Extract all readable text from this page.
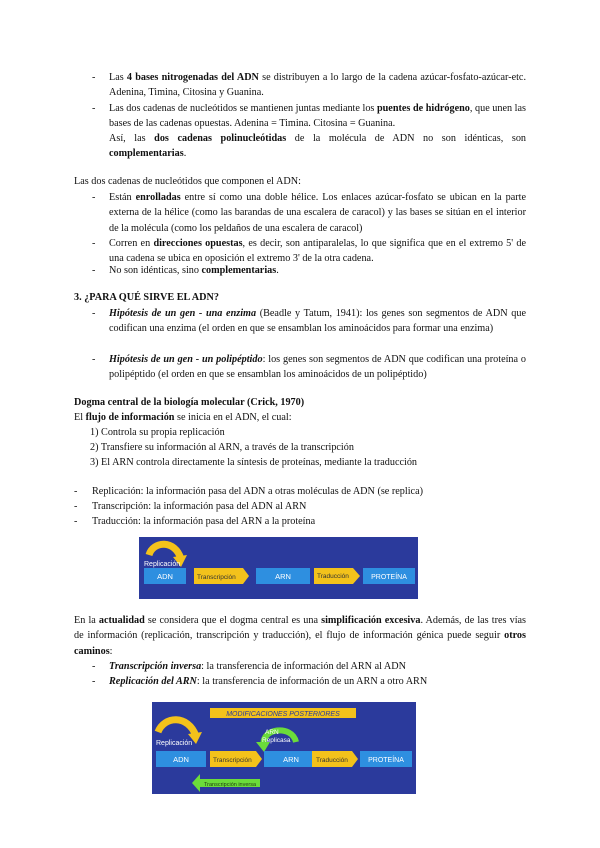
- Las 4 bases nitrogenadas del ADN se distribuyen a lo largo de la cadena azúcar-fosfato-azúcar-etc. Adenina, Timina, Citosina y Guanina.
- Las dos cadenas de nucleótidos se mantienen juntas mediante los puentes de hidrógeno, que unen las bases de las cadenas opuestas. Adenina = Timina. Citosina = Guanina.
Así, las dos cadenas polinucleótidas de la molécula de ADN no son idénticas, son complementarias.
Las dos cadenas de nucleótidos que componen el ADN:
- Están enrolladas entre sí como una doble hélice. Los enlaces azúcar-fosfato se ubican en la parte externa de la hélice (como las barandas de una escalera de caracol) y las bases se sitúan en el interior de la molécula (como los peldaños de una escalera de caracol)
- Corren en direcciones opuestas, es decir, son antiparalelas, lo que significa que en el extremo 5' de una cadena se ubica en oposición el extremo 3' de la otra cadena.
- No son idénticas, sino complementarias.
3. ¿PARA QUÉ SIRVE EL ADN?
- Hipótesis de un gen - una enzima (Beadle y Tatum, 1941): los genes son segmentos de ADN que codifican una enzima (el orden en que se ensamblan los aminoácidos para formar una enzima)
- Hipótesis de un gen - un polipéptido: los genes son segmentos de ADN que codifican una proteína o polipéptido (el orden en que se ensamblan los aminoácidos de un polipéptido)
Dogma central de la biología molecular (Crick, 1970)
El flujo de información se inicia en el ADN, el cual:
1) Controla su propia replicación
2) Transfiere su información al ARN, a través de la transcripción
3) El ARN controla directamente la síntesis de proteínas, mediante la traducción
- Replicación: la información pasa del ADN a otras moléculas de ADN (se replica)
- Transcripción: la información pasa del ADN al ARN
- Traducción: la información pasa del ARN a la proteína
Replicación
ADN	Transcripción	ARN	Traducción	PROTEÍNA
En la actualidad se considera que el dogma central es una simplificación excesiva. Además, de las tres vías de información (replicación, transcripción y traducción), el flujo de información génica puede seguir otros caminos:
- Transcripción inversa: la transferencia de información del ARN al ADN
- Replicación del ARN: la transferencia de información de un ARN a otro ARN
MODIFICACIONES POSTERIORES
Replicación
ARN
Replicasa
ADN	Transcripción	ARN	Traducción	PROTEÍNA
Transcripción inversa
